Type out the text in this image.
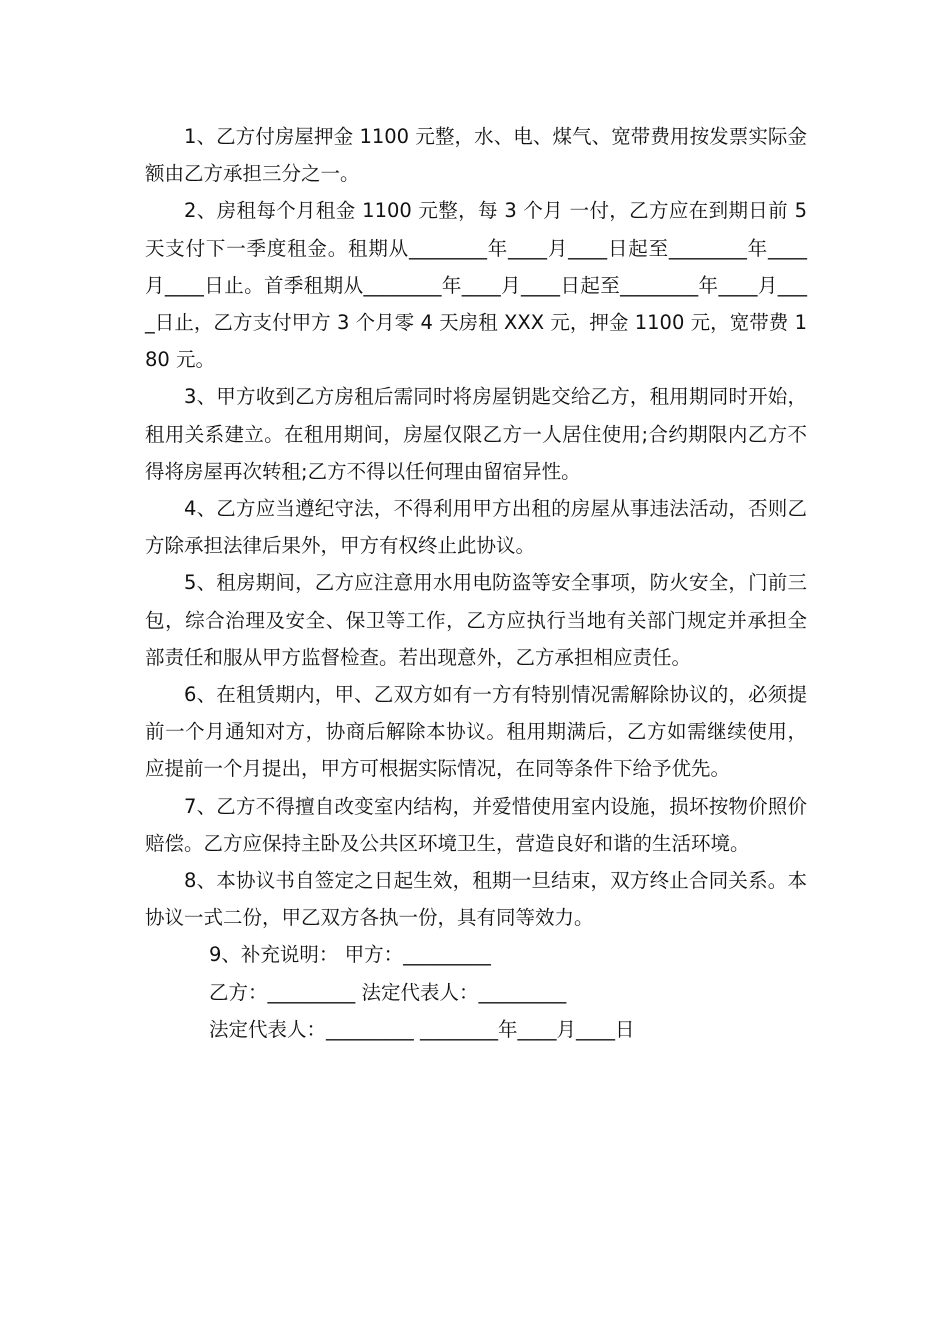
1、乙方付房屋押金 1100 元整，水、电、煤气、宽带费用按发票实际金额由乙方承担三分之一。

2、房租每个月租金 1100 元整，每 3 个月 一付，乙方应在到期日前 5 天支付下一季度租金。租期从________年____月____日起至________年____月____日止。首季租期从________年____月____日起至________年____月____日止，乙方支付甲方 3 个月零 4 天房租 XXX 元，押金 1100 元，宽带费 180 元。

3、甲方收到乙方房租后需同时将房屋钥匙交给乙方，租用期同时开始，租用关系建立。在租用期间，房屋仅限乙方一人居住使用;合约期限内乙方不得将房屋再次转租;乙方不得以任何理由留宿异性。

4、乙方应当遵纪守法，不得利用甲方出租的房屋从事违法活动，否则乙方除承担法律后果外，甲方有权终止此协议。

5、租房期间，乙方应注意用水用电防盗等安全事项，防火安全，门前三包，综合治理及安全、保卫等工作，乙方应执行当地有关部门规定并承担全部责任和服从甲方监督检查。若出现意外，乙方承担相应责任。

6、在租赁期内，甲、乙双方如有一方有特别情况需解除协议的，必须提前一个月通知对方，协商后解除本协议。租用期满后，乙方如需继续使用，应提前一个月提出，甲方可根据实际情况，在同等条件下给予优先。

7、乙方不得擅自改变室内结构，并爱惜使用室内设施，损坏按物价照价赔偿。乙方应保持主卧及公共区环境卫生，营造良好和谐的生活环境。

8、本协议书自签定之日起生效，租期一旦结束，双方终止合同关系。本协议一式二份，甲乙双方各执一份，具有同等效力。

9、补充说明： 甲方：_________

乙方：_________ 法定代表人：_________

法定代表人：_________ ________年____月____日
